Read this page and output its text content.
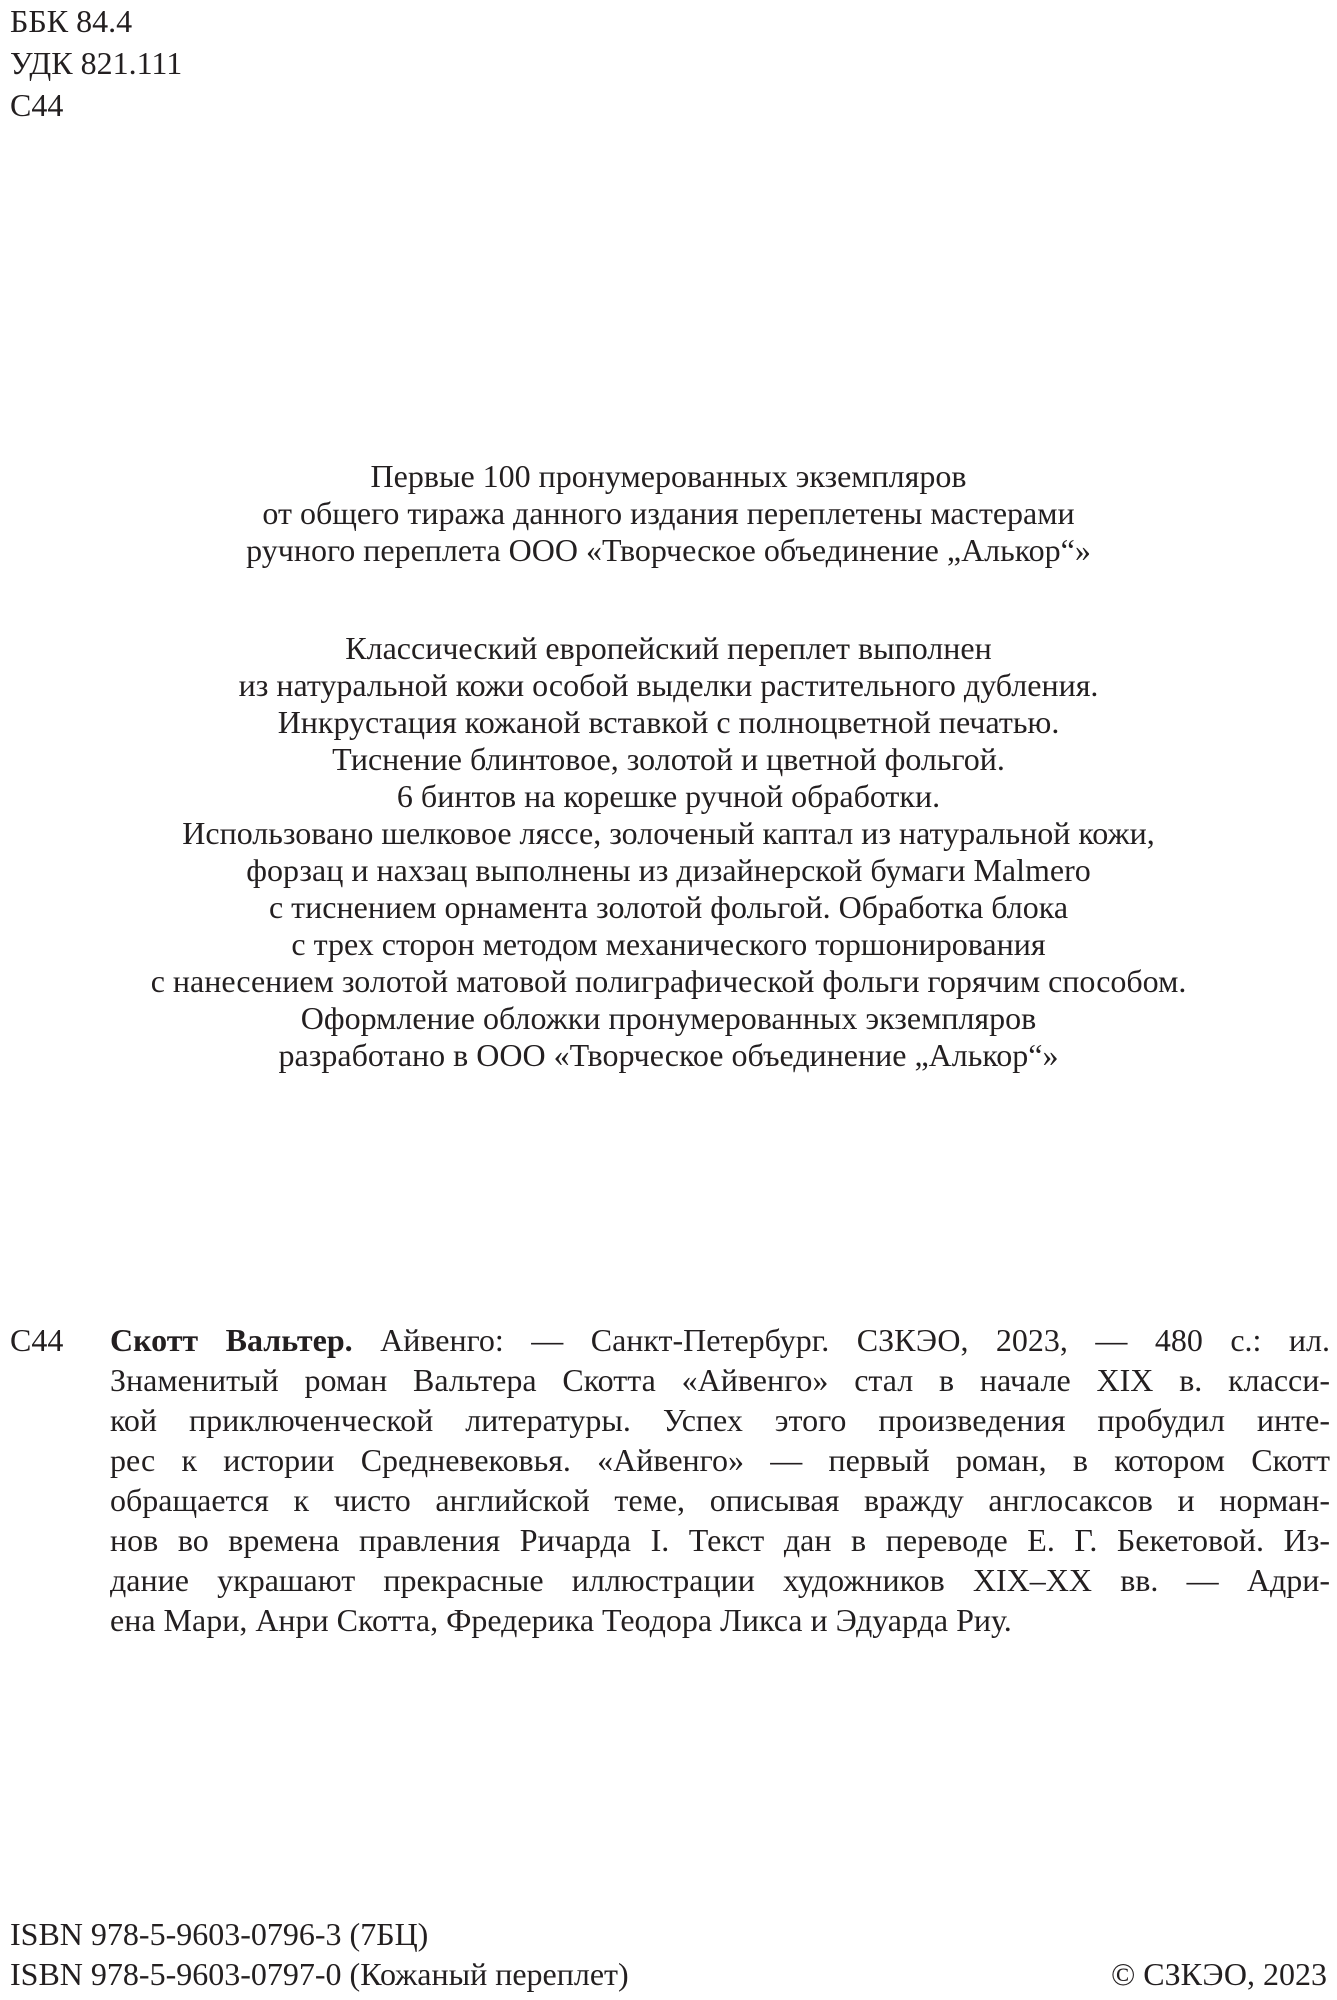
ББК 84.4
УДК 821.111
С44
Первые 100 пронумерованных экземпляров
от общего тиража данного издания переплетены мастерами
ручного переплета ООО «Творческое объединение „Алькор“»
Классический европейский переплет выполнен
из натуральной кожи особой выделки растительного дубления.
Инкрустация кожаной вставкой с полноцветной печатью.
Тиснение блинтовое, золотой и цветной фольгой.
6 бинтов на корешке ручной обработки.
Использовано шелковое ляссе, золоченый каптал из натуральной кожи,
форзац и нахзац выполнены из дизайнерской бумаги Malmero
с тиснением орнамента золотой фольгой. Обработка блока
с трех сторон методом механического торшонирования
с нанесением золотой матовой полиграфической фольги горячим способом.
Оформление обложки пронумерованных экземпляров
разработано в ООО «Творческое объединение „Алькор“»
С44 Скотт Вальтер. Айвенго: — Санкт-Петербург. СЗКЭО, 2023, — 480 с.: ил.
Знаменитый роман Вальтера Скотта «Айвенго» стал в начале XIX в. класси-
кой приключенческой литературы. Успех этого произведения пробудил инте-
рес к истории Средневековья. «Айвенго» — первый роман, в котором Скотт
обращается к чисто английской теме, описывая вражду англосаксов и норман-
нов во времена правления Ричарда I. Текст дан в переводе Е. Г. Бекетовой. Из-
дание украшают прекрасные иллюстрации художников XIX–XX вв. — Адри-
ена Мари, Анри Скотта, Фредерика Теодора Ликса и Эдуарда Риу.
ISBN 978-5-9603-0796-3 (7БЦ)
ISBN 978-5-9603-0797-0 (Кожаный переплет)	© СЗКЭО, 2023
